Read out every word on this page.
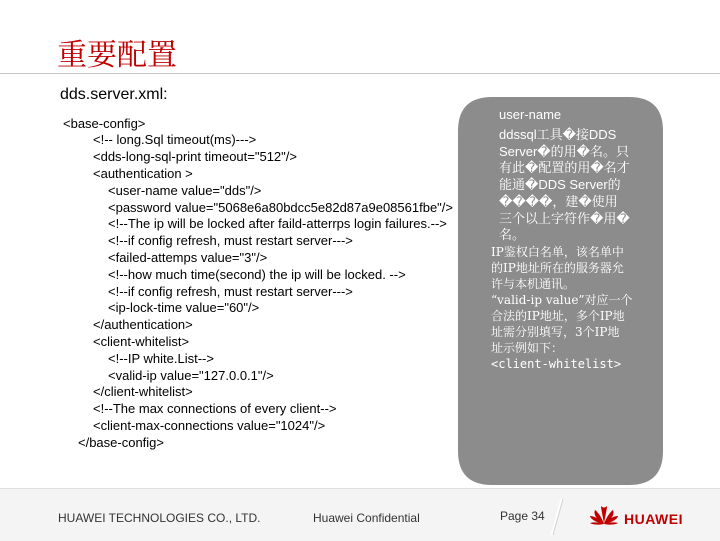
重要配置
dds.server.xml:
<base-config>
<!-- long.Sql timeout(ms)--->
<dds-long-sql-print timeout="512"/>
<authentication >
<user-name value="dds"/>
<password value="5068e6a80bdcc5e82d87a9e08561fbe"/>
<!--The ip will be locked after faild-atterrps login failures.-->
<!--if config refresh, must restart server--->
<failed-attemps value="3"/>
<!--how much time(second) the ip will be locked. -->
<!--if config refresh, must restart server--->
<ip-lock-time value="60"/>
</authentication>
<client-whitelist>
<!--IP white.List-->
<valid-ip value="127.0.0.1"/>
</client-whitelist>
<!--The max connections of every client-->
<client-max-connections value="1024"/>
</base-config>
user-name
ddssql工具�接DDS
Server�的用�名。只
有此�配置的用�名才
能通�DDS Server的
����，建�使用
三个以上字符作�用�
名。
IP鉴权白名单，该名单中
的IP地址所在的服务器允
许与本机通讯。
“valid-ip value”对应一个
合法的IP地址，多个IP地
址需分别填写，3个IP地
址示例如下：
<client-whitelist>
HUAWEI TECHNOLOGIES CO., LTD.	Huawei Confidential	Page 34	HUAWEI
